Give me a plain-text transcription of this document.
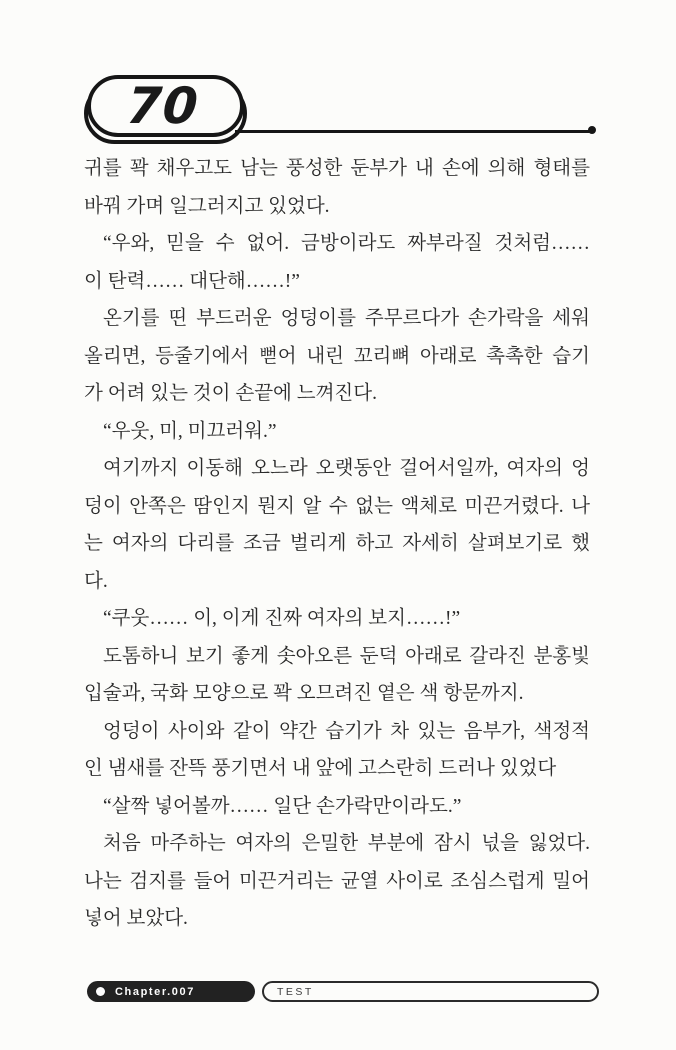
70
귀를 꽉 채우고도 남는 풍성한 둔부가 내 손에 의해 형태를
바꿔 가며 일그러지고 있었다.
“우와, 믿을 수 없어. 금방이라도 짜부라질 것처럼……
이 탄력…… 대단해……!”
온기를 띤 부드러운 엉덩이를 주무르다가 손가락을 세워
올리면, 등줄기에서 뻗어 내린 꼬리뼈 아래로 촉촉한 습기
가 어려 있는 것이 손끝에 느껴진다.
“우웃, 미, 미끄러워.”
여기까지 이동해 오느라 오랫동안 걸어서일까, 여자의 엉
덩이 안쪽은 땀인지 뭔지 알 수 없는 액체로 미끈거렸다. 나
는 여자의 다리를 조금 벌리게 하고 자세히 살펴보기로 했
다.
“쿠웃…… 이, 이게 진짜 여자의 보지……!”
도톰하니 보기 좋게 솟아오른 둔덕 아래로 갈라진 분홍빛
입술과, 국화 모양으로 꽉 오므려진 옅은 색 항문까지.
엉덩이 사이와 같이 약간 습기가 차 있는 음부가, 색정적
인 냄새를 잔뜩 풍기면서 내 앞에 고스란히 드러나 있었다
“살짝 넣어볼까…… 일단 손가락만이라도.”
처음 마주하는 여자의 은밀한 부분에 잠시 넋을 잃었다.
나는 검지를 들어 미끈거리는 균열 사이로 조심스럽게 밀어
넣어 보았다.
Chapter.007	TEST
